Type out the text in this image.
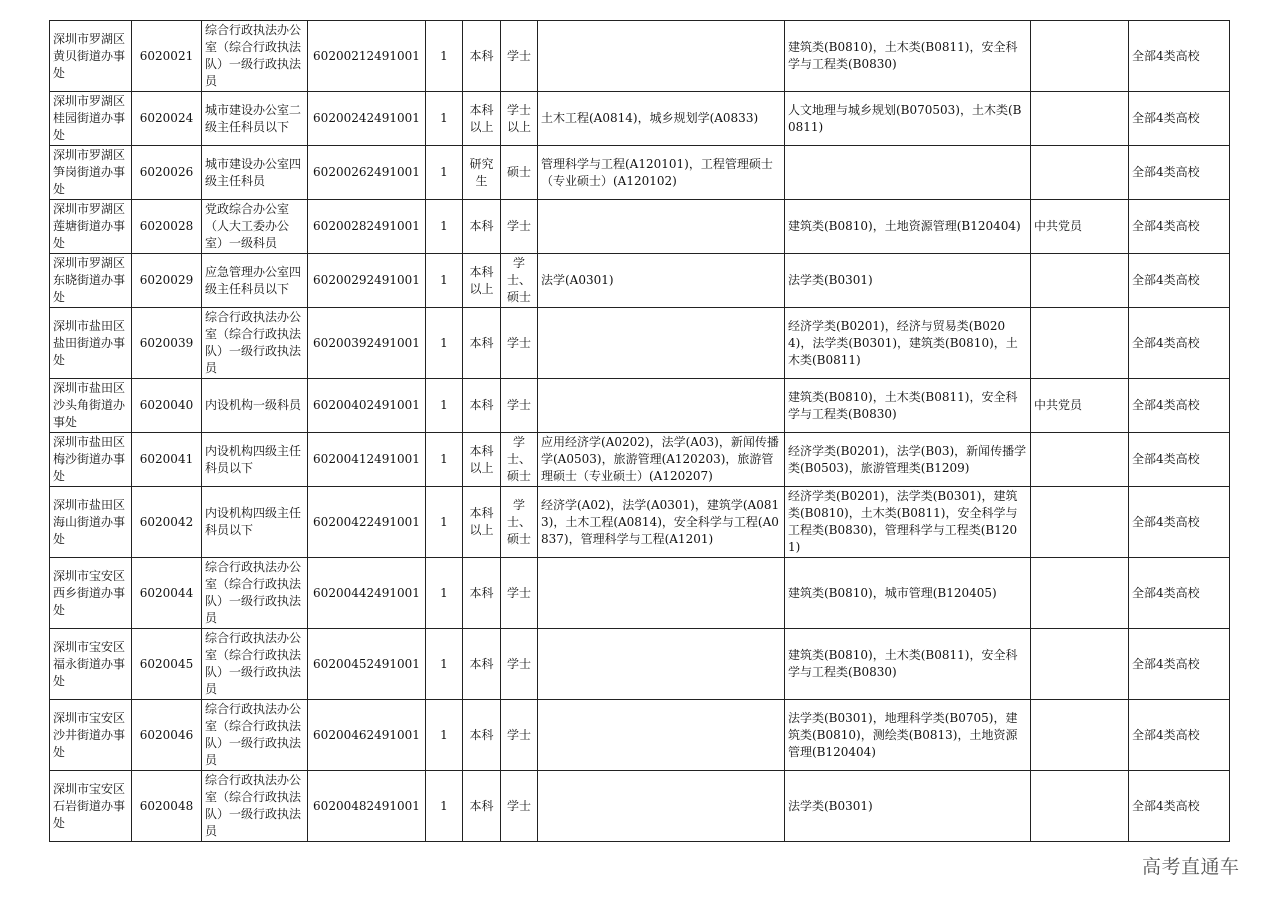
深圳市罗湖区黄贝街道办事处	6020021	综合行政执法办公室（综合行政执法队）一级行政执法员	60200212491001	1	本科	学士		建筑类(B0810)，土木类(B0811)，安全科学与工程类(B0830)		全部4类高校
深圳市罗湖区桂园街道办事处	6020024	城市建设办公室二级主任科员以下	60200242491001	1	本科以上	学士以上	土木工程(A0814)，城乡规划学(A0833)	人文地理与城乡规划(B070503)，土木类(B0811)		全部4类高校
深圳市罗湖区笋岗街道办事处	6020026	城市建设办公室四级主任科员	60200262491001	1	研究生	硕士	管理科学与工程(A120101)，工程管理硕士（专业硕士）(A120102)			全部4类高校
深圳市罗湖区莲塘街道办事处	6020028	党政综合办公室（人大工委办公室）一级科员	60200282491001	1	本科	学士		建筑类(B0810)，土地资源管理(B120404)	中共党员	全部4类高校
深圳市罗湖区东晓街道办事处	6020029	应急管理办公室四级主任科员以下	60200292491001	1	本科以上	学士、硕士	法学(A0301)	法学类(B0301)		全部4类高校
深圳市盐田区盐田街道办事处	6020039	综合行政执法办公室（综合行政执法队）一级行政执法员	60200392491001	1	本科	学士		经济学类(B0201)，经济与贸易类(B0204)，法学类(B0301)，建筑类(B0810)，土木类(B0811)		全部4类高校
深圳市盐田区沙头角街道办事处	6020040	内设机构一级科员	60200402491001	1	本科	学士		建筑类(B0810)，土木类(B0811)，安全科学与工程类(B0830)	中共党员	全部4类高校
深圳市盐田区梅沙街道办事处	6020041	内设机构四级主任科员以下	60200412491001	1	本科以上	学士、硕士	应用经济学(A0202)，法学(A03)，新闻传播学(A0503)，旅游管理(A120203)，旅游管理硕士（专业硕士）(A120207)	经济学类(B0201)，法学(B03)，新闻传播学类(B0503)，旅游管理类(B1209)		全部4类高校
深圳市盐田区海山街道办事处	6020042	内设机构四级主任科员以下	60200422491001	1	本科以上	学士、硕士	经济学(A02)，法学(A0301)，建筑学(A0813)，土木工程(A0814)，安全科学与工程(A0837)，管理科学与工程(A1201)	经济学类(B0201)，法学类(B0301)，建筑类(B0810)，土木类(B0811)，安全科学与工程类(B0830)，管理科学与工程类(B1201)		全部4类高校
深圳市宝安区西乡街道办事处	6020044	综合行政执法办公室（综合行政执法队）一级行政执法员	60200442491001	1	本科	学士		建筑类(B0810)，城市管理(B120405)		全部4类高校
深圳市宝安区福永街道办事处	6020045	综合行政执法办公室（综合行政执法队）一级行政执法员	60200452491001	1	本科	学士		建筑类(B0810)，土木类(B0811)，安全科学与工程类(B0830)		全部4类高校
深圳市宝安区沙井街道办事处	6020046	综合行政执法办公室（综合行政执法队）一级行政执法员	60200462491001	1	本科	学士		法学类(B0301)，地理科学类(B0705)，建筑类(B0810)，测绘类(B0813)，土地资源管理(B120404)		全部4类高校
深圳市宝安区石岩街道办事处	6020048	综合行政执法办公室（综合行政执法队）一级行政执法员	60200482491001	1	本科	学士		法学类(B0301)		全部4类高校
高考直通车
